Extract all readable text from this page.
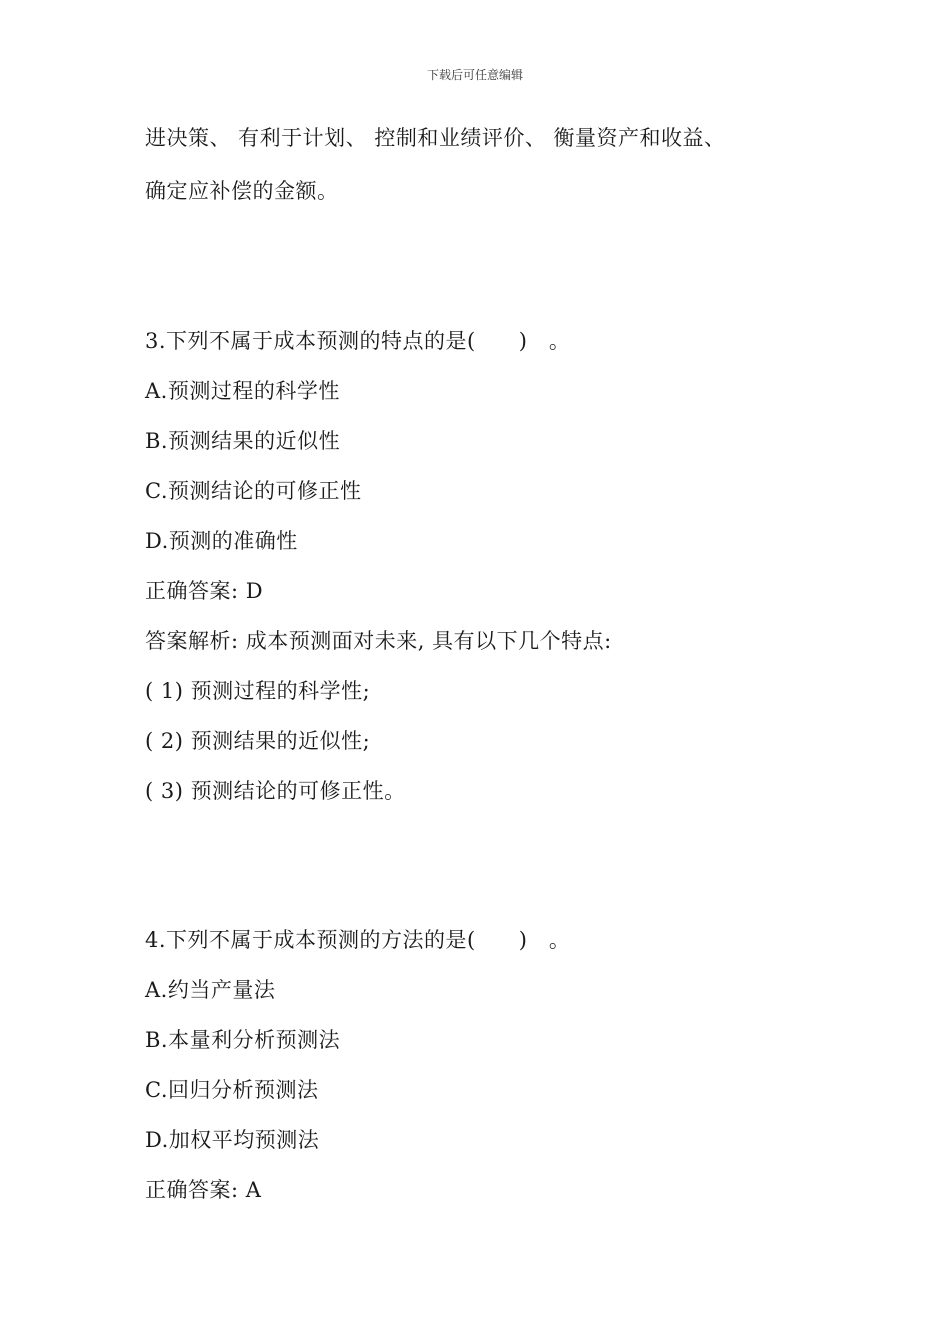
下载后可任意编辑
进决策、 有利于计划、 控制和业绩评价、 衡量资产和收益、
确定应补偿的金额。
3.下列不属于成本预测的特点的是(　　)　。
A.预测过程的科学性
B.预测结果的近似性
C.预测结论的可修正性
D.预测的准确性
正确答案: D
答案解析: 成本预测面对未来, 具有以下几个特点:
( 1) 预测过程的科学性;
( 2) 预测结果的近似性;
( 3) 预测结论的可修正性。
4.下列不属于成本预测的方法的是(　　)　。
A.约当产量法
B.本量利分析预测法
C.回归分析预测法
D.加权平均预测法
正确答案: A
